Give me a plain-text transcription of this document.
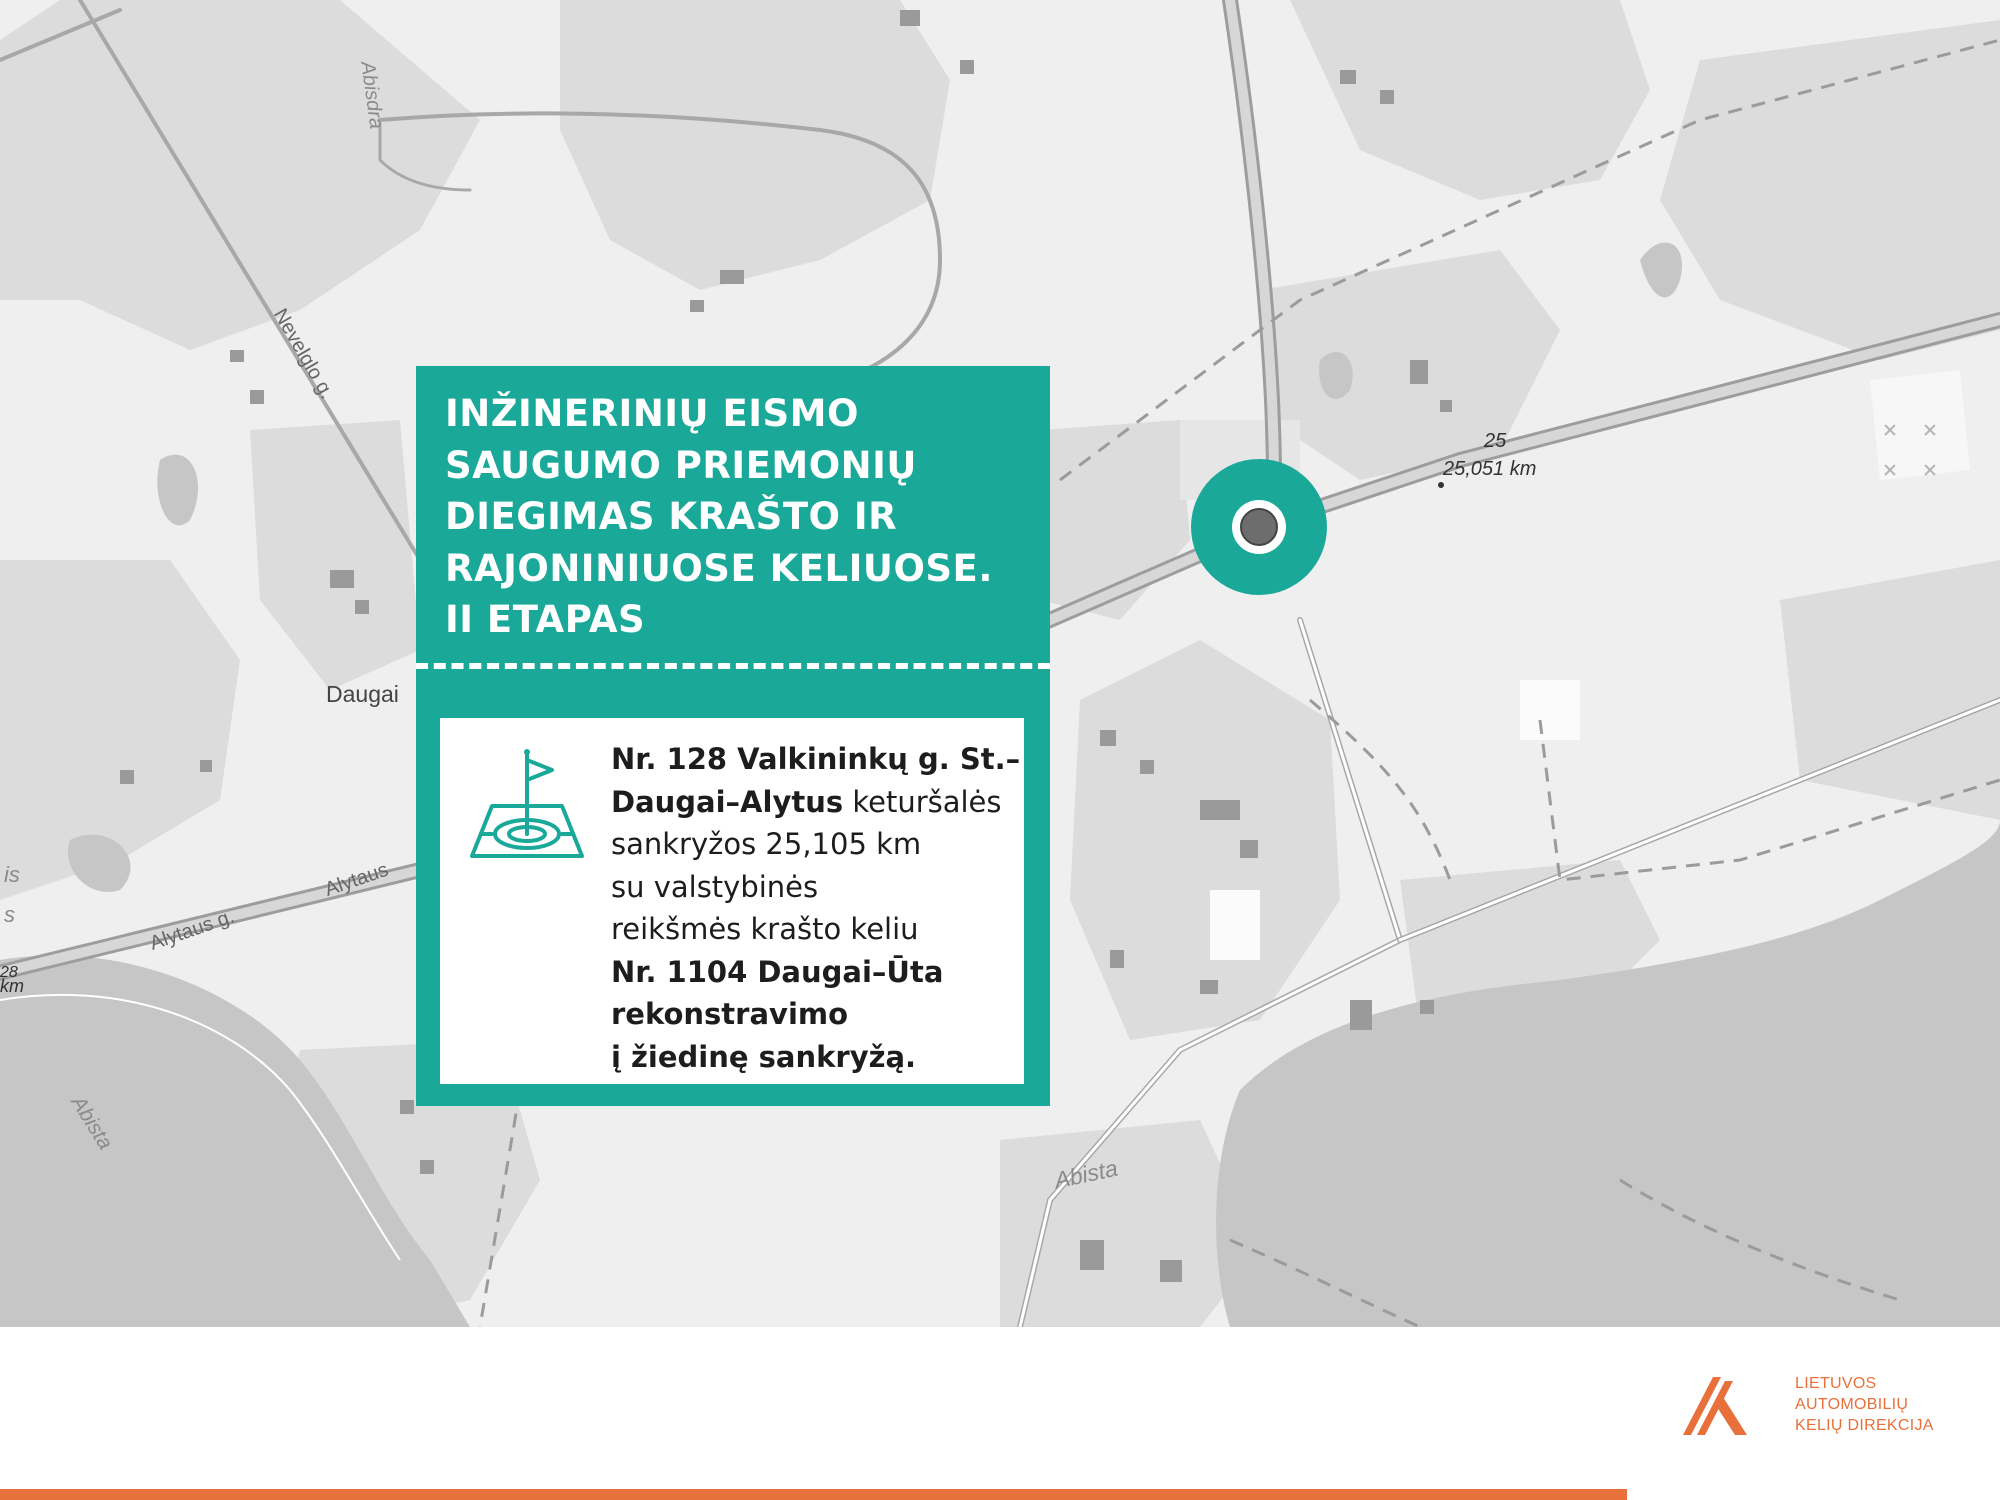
Abisdra
Nevelglo g.
Daugai
Alytaus g.
Alytaus
Abista
Abista
25
25,051 km
is
s
28
km
INŽINERINIŲ EISMO
SAUGUMO PRIEMONIŲ
DIEGIMAS KRAŠTO IR
RAJONINIUOSE KELIUOSE.
II ETAPAS
Nr. 128 Valkininkų g. St.–
Daugai–Alytus keturšalės
sankryžos 25,105 km
su valstybinės
reikšmės krašto keliu
Nr. 1104 Daugai–Ūta
rekonstravimo
į žiedinę sankryžą.
LIETUVOS
AUTOMOBILIŲ
KELIŲ DIREKCIJA
